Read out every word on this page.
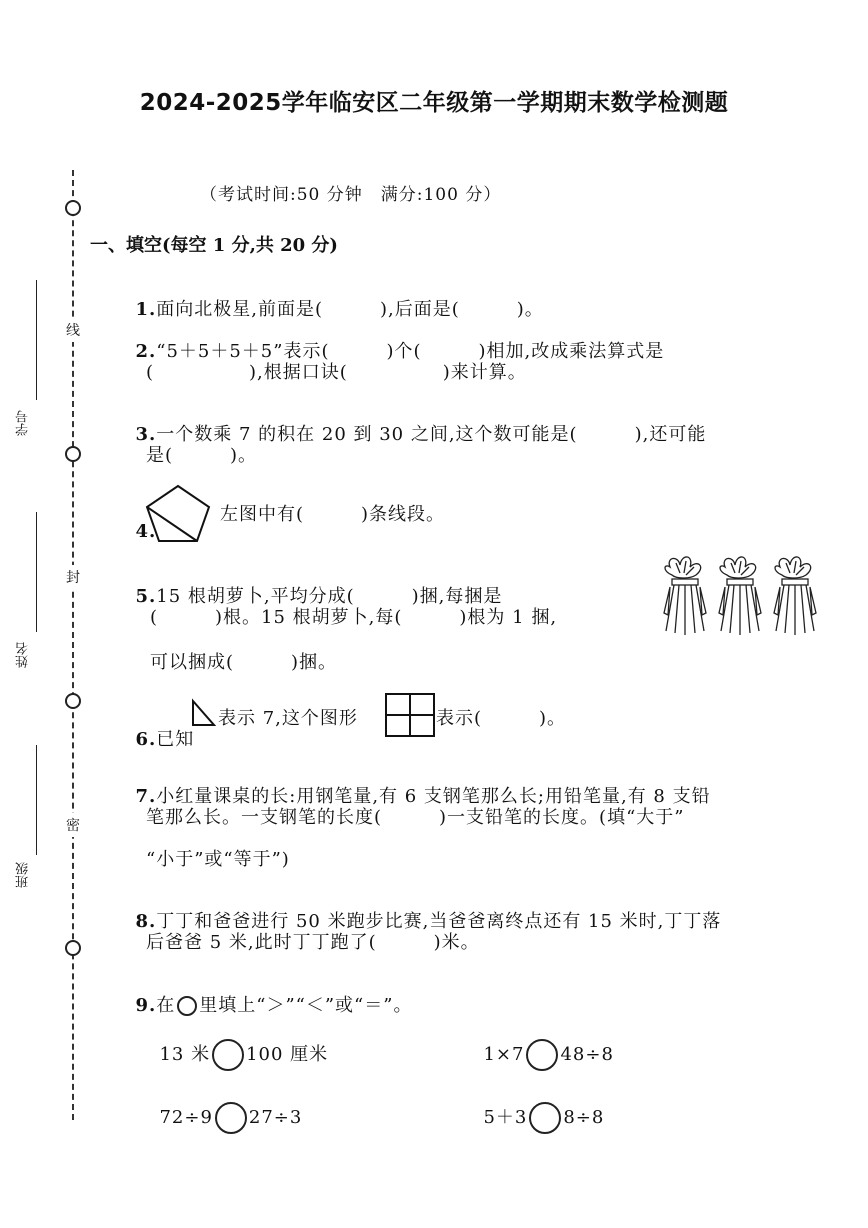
2024-2025学年临安区二年级第一学期期末数学检测题
线
封
密
学号
姓名
班级
（考试时间:50 分钟　满分:100 分）
一、填空(每空 1 分,共 20 分)

1.面向北极星,前面是(　　　),后面是(　　　)。

2.“5＋5＋5＋5”表示(　　　)个(　　　)相加,改成乘法算式是

(　　　　　),根据口诀(　　　　　)来计算。

3.一个数乘 7 的积在 20 到 30 之间,这个数可能是(　　　),还可能

是(　　　)。

4.

左图中有(　　　)条线段。

5.15 根胡萝卜,平均分成(　　　)捆,每捆是

(　　　)根。15 根胡萝卜,每(　　　)根为 1 捆,
可以捆成(　　　)捆。

6.已知

表示 7,这个图形	表示(　　　)。

7.小红量课桌的长:用钢笔量,有 6 支钢笔那么长;用铅笔量,有 8 支铅

笔那么长。一支钢笔的长度(　　　)一支铅笔的长度。(填“大于”
“小于”或“等于”)

8.丁丁和爸爸进行 50 米跑步比赛,当爸爸离终点还有 15 米时,丁丁落

后爸爸 5 米,此时丁丁跑了(　　　)米。

9.在 里填上“＞”“＜”或“＝”。

13 米 100 厘米	1×7 48÷8

72÷9 27÷3	5＋3 8÷8
